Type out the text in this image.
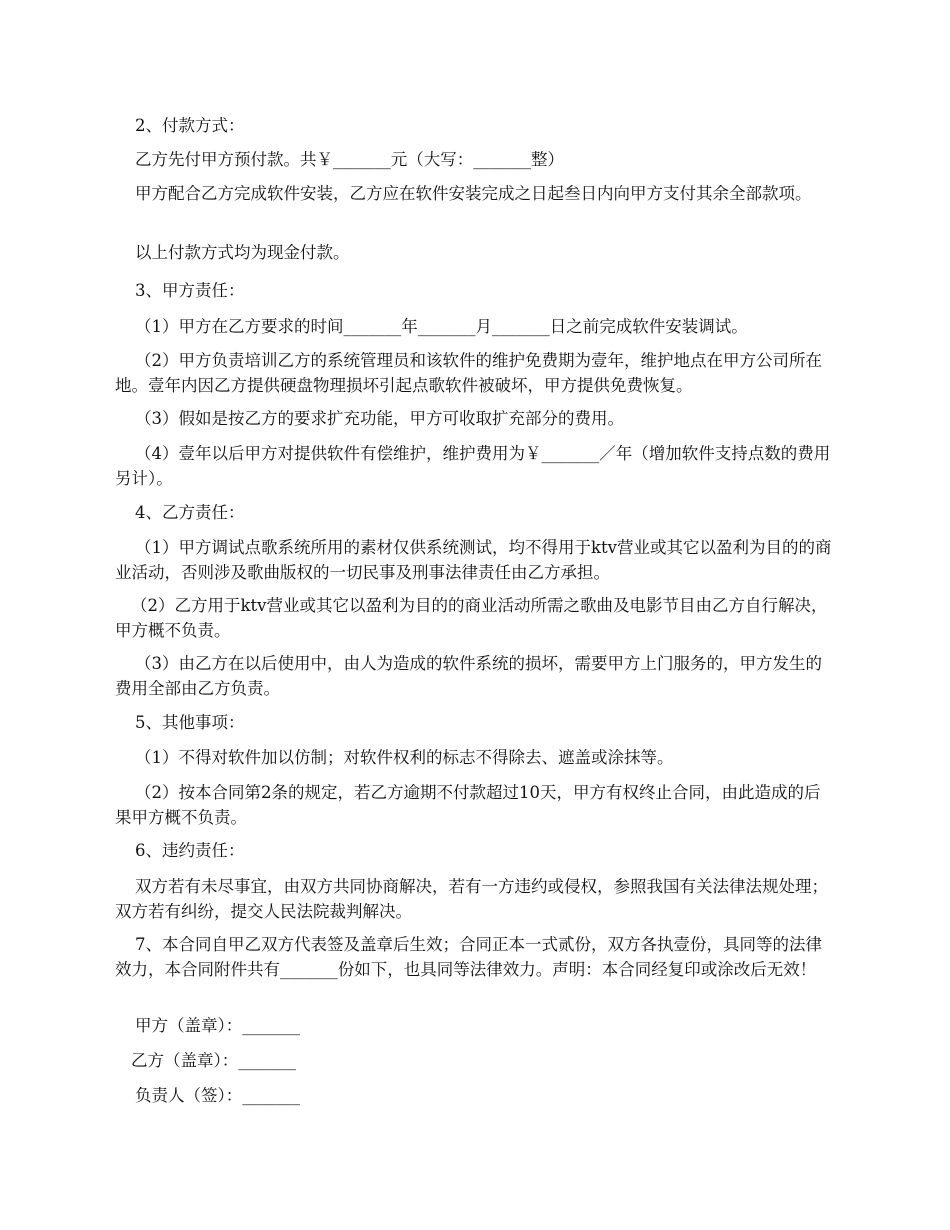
2、付款方式：

乙方先付甲方预付款。共￥_______元（大写：_______整）

甲方配合乙方完成软件安装，乙方应在软件安装完成之日起叁日内向甲方支付其余全部款项。

以上付款方式均为现金付款。

3、甲方责任：

（1）甲方在乙方要求的时间_______年_______月_______日之前完成软件安装调试。

（2）甲方负责培训乙方的系统管理员和该软件的维护免费期为壹年，维护地点在甲方公司所在地。壹年内因乙方提供硬盘物理损坏引起点歌软件被破坏，甲方提供免费恢复。

（3）假如是按乙方的要求扩充功能，甲方可收取扩充部分的费用。

（4）壹年以后甲方对提供软件有偿维护，维护费用为￥_______／年（增加软件支持点数的费用另计）。

4、乙方责任：

（1）甲方调试点歌系统所用的素材仅供系统测试，均不得用于ktv营业或其它以盈利为目的的商业活动，否则涉及歌曲版权的一切民事及刑事法律责任由乙方承担。

（2）乙方用于ktv营业或其它以盈利为目的的商业活动所需之歌曲及电影节目由乙方自行解决，甲方概不负责。

（3）由乙方在以后使用中，由人为造成的软件系统的损坏，需要甲方上门服务的，甲方发生的费用全部由乙方负责。

5、其他事项：

（1）不得对软件加以仿制；对软件权利的标志不得除去、遮盖或涂抹等。

（2）按本合同第2条的规定，若乙方逾期不付款超过10天，甲方有权终止合同，由此造成的后果甲方概不负责。

6、违约责任：

双方若有未尽事宜，由双方共同协商解决，若有一方违约或侵权，参照我国有关法律法规处理；双方若有纠纷，提交人民法院裁判解决。

7、本合同自甲乙双方代表签及盖章后生效；合同正本一式贰份，双方各执壹份，具同等的法律效力，本合同附件共有_______份如下，也具同等法律效力。声明：本合同经复印或涂改后无效！

甲方（盖章）：_______

乙方（盖章）：_______

负责人（签）：_______
